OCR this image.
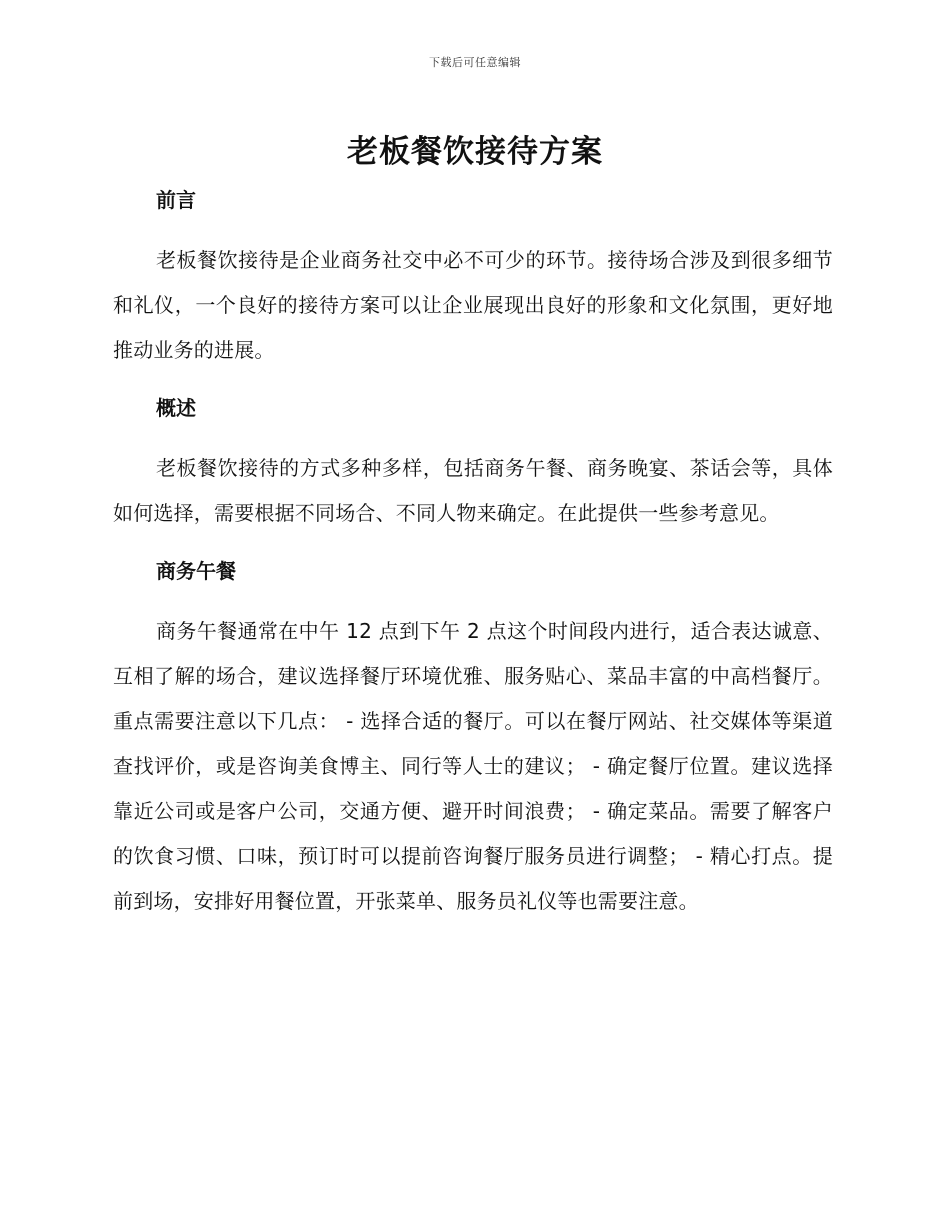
下载后可任意编辑
老板餐饮接待方案
前言

老板餐饮接待是企业商务社交中必不可少的环节。接待场合涉及到很多细节和礼仪，一个良好的接待方案可以让企业展现出良好的形象和文化氛围，更好地推动业务的进展。

概述

老板餐饮接待的方式多种多样，包括商务午餐、商务晚宴、茶话会等，具体如何选择，需要根据不同场合、不同人物来确定。在此提供一些参考意见。

商务午餐

商务午餐通常在中午 12 点到下午 2 点这个时间段内进行，适合表达诚意、互相了解的场合，建议选择餐厅环境优雅、服务贴心、菜品丰富的中高档餐厅。重点需要注意以下几点： - 选择合适的餐厅。可以在餐厅网站、社交媒体等渠道查找评价，或是咨询美食博主、同行等人士的建议； - 确定餐厅位置。建议选择靠近公司或是客户公司，交通方便、避开时间浪费； - 确定菜品。需要了解客户的饮食习惯、口味，预订时可以提前咨询餐厅服务员进行调整； - 精心打点。提前到场，安排好用餐位置，开张菜单、服务员礼仪等也需要注意。
